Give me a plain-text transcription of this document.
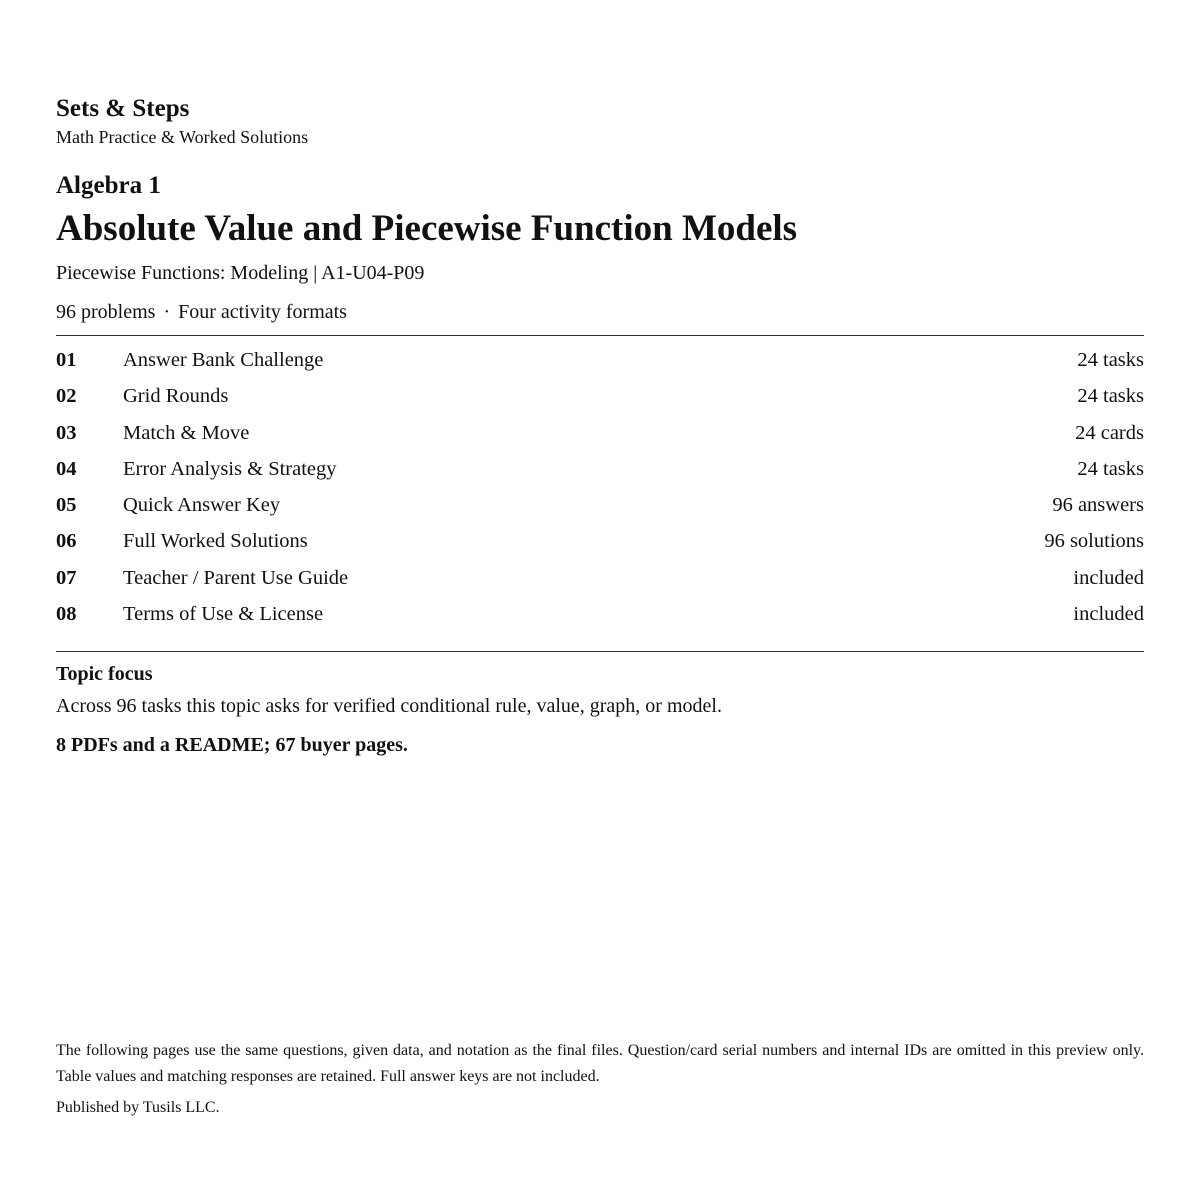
Sets & Steps
Math Practice & Worked Solutions
Algebra 1
Absolute Value and Piecewise Function Models
Piecewise Functions: Modeling | A1-U04-P09
96 problems · Four activity formats
01 Answer Bank Challenge	24 tasks
02 Grid Rounds	24 tasks
03 Match & Move	24 cards
04 Error Analysis & Strategy	24 tasks
05 Quick Answer Key	96 answers
06 Full Worked Solutions	96 solutions
07 Teacher / Parent Use Guide	included
08 Terms of Use & License	included
Topic focus
Across 96 tasks this topic asks for verified conditional rule, value, graph, or model.
8 PDFs and a README; 67 buyer pages.
The following pages use the same questions, given data, and notation as the final files. Question/card serial numbers and internal IDs are omitted in this preview only. Table values and matching responses are retained. Full answer keys are not included.
Published by Tusils LLC.
